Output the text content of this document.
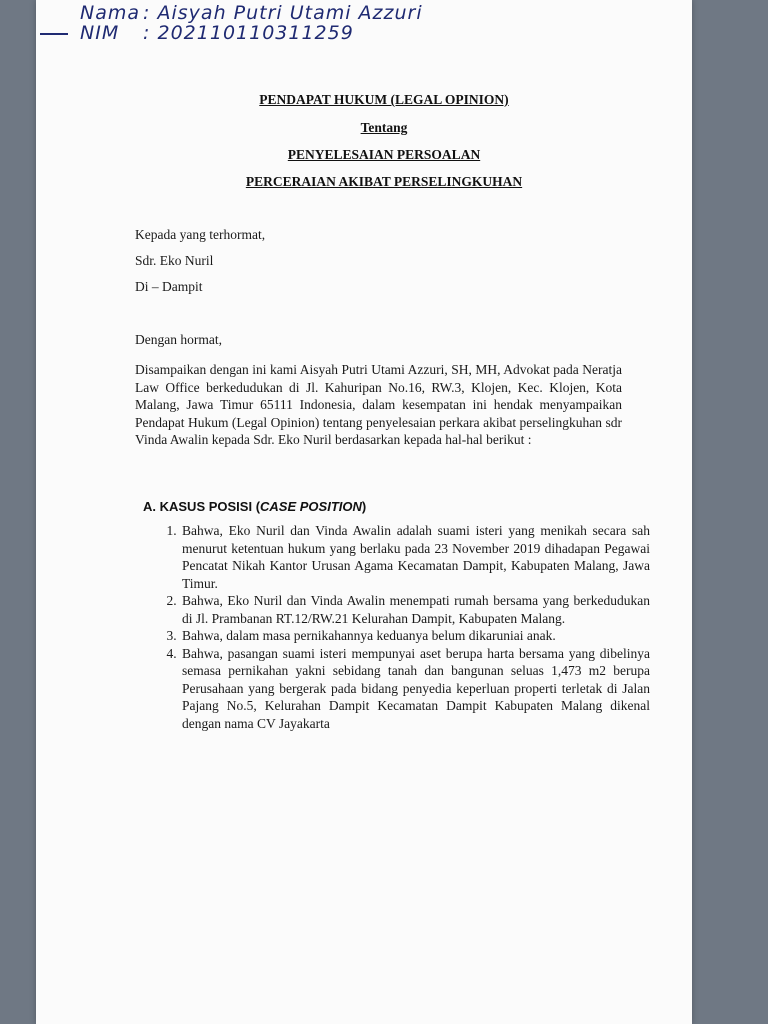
Nama : Aisyah Putri Utami Azzuri
NIM : 202110110311259
PENDAPAT HUKUM (LEGAL OPINION)
Tentang
PENYELESAIAN PERSOALAN
PERCERAIAN AKIBAT PERSELINGKUHAN
Kepada yang terhormat,
Sdr. Eko Nuril
Di – Dampit
Dengan hormat,
Disampaikan dengan ini kami Aisyah Putri Utami Azzuri, SH, MH, Advokat pada Neratja Law Office berkedudukan di Jl. Kahuripan No.16, RW.3, Klojen, Kec. Klojen, Kota Malang, Jawa Timur 65111 Indonesia, dalam kesempatan ini hendak menyampaikan Pendapat Hukum (Legal Opinion) tentang penyelesaian perkara akibat perselingkuhan sdr Vinda Awalin kepada Sdr. Eko Nuril berdasarkan kepada hal-hal berikut :
A. KASUS POSISI (CASE POSITION)
1. Bahwa, Eko Nuril dan Vinda Awalin adalah suami isteri yang menikah secara sah menurut ketentuan hukum yang berlaku pada 23 November 2019 dihadapan Pegawai Pencatat Nikah Kantor Urusan Agama Kecamatan Dampit, Kabupaten Malang, Jawa Timur.
2. Bahwa, Eko Nuril dan Vinda Awalin menempati rumah bersama yang berkedudukan di Jl. Prambanan RT.12/RW.21 Kelurahan Dampit, Kabupaten Malang.
3. Bahwa, dalam masa pernikahannya keduanya belum dikaruniai anak.
4. Bahwa, pasangan suami isteri mempunyai aset berupa harta bersama yang dibelinya semasa pernikahan yakni sebidang tanah dan bangunan seluas 1,473 m2 berupa Perusahaan yang bergerak pada bidang penyedia keperluan properti terletak di Jalan Pajang No.5, Kelurahan Dampit Kecamatan Dampit Kabupaten Malang dikenal dengan nama CV Jayakarta
